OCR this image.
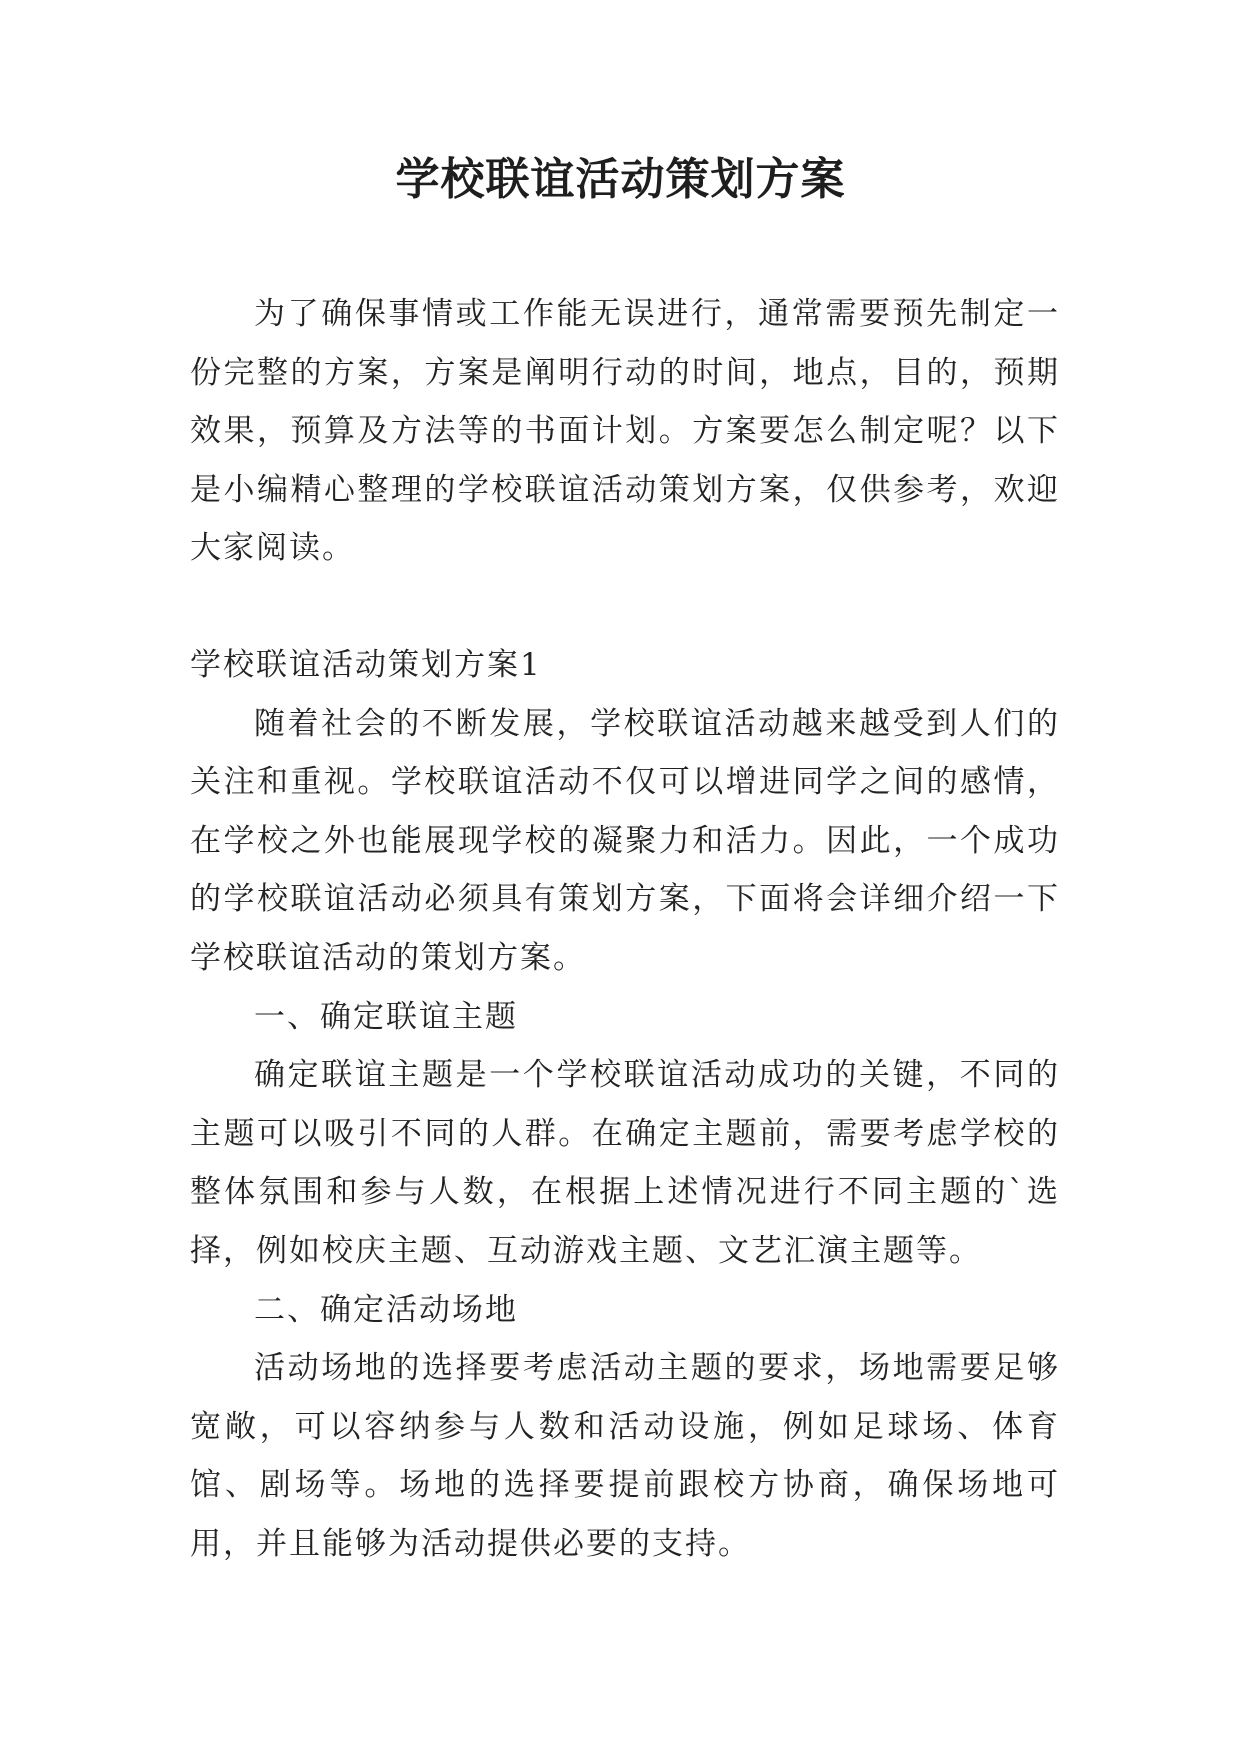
学校联谊活动策划方案

为了确保事情或工作能无误进行，通常需要预先制定一份完整的方案，方案是阐明行动的时间，地点，目的，预期效果，预算及方法等的书面计划。方案要怎么制定呢？以下是小编精心整理的学校联谊活动策划方案，仅供参考，欢迎大家阅读。

学校联谊活动策划方案1

随着社会的不断发展，学校联谊活动越来越受到人们的关注和重视。学校联谊活动不仅可以增进同学之间的感情，在学校之外也能展现学校的凝聚力和活力。因此，一个成功的学校联谊活动必须具有策划方案，下面将会详细介绍一下学校联谊活动的策划方案。

一、确定联谊主题

确定联谊主题是一个学校联谊活动成功的关键，不同的主题可以吸引不同的人群。在确定主题前，需要考虑学校的整体氛围和参与人数，在根据上述情况进行不同主题的`选择，例如校庆主题、互动游戏主题、文艺汇演主题等。

二、确定活动场地

活动场地的选择要考虑活动主题的要求，场地需要足够宽敞，可以容纳参与人数和活动设施，例如足球场、体育馆、剧场等。场地的选择要提前跟校方协商，确保场地可用，并且能够为活动提供必要的支持。
